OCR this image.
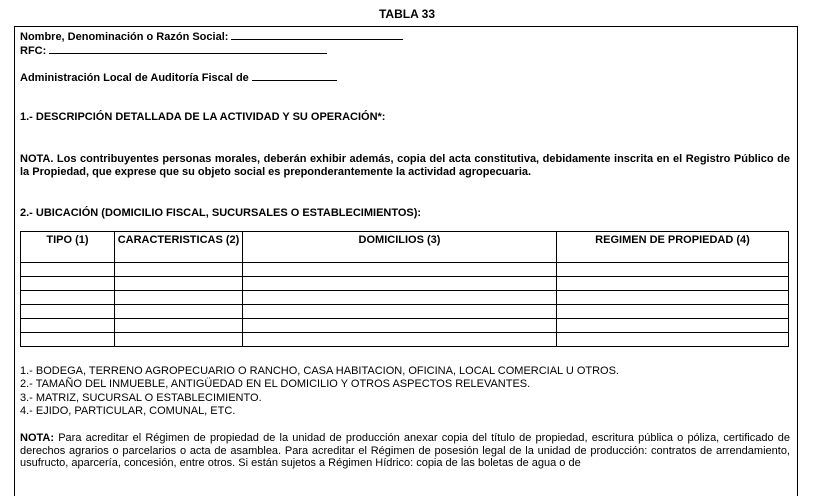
TABLA 33
Nombre, Denominación o Razón Social:
RFC:
Administración Local de Auditoría Fiscal de
1.- DESCRIPCIÓN DETALLADA DE LA ACTIVIDAD Y SU OPERACIÓN*:
NOTA. Los contribuyentes personas morales, deberán exhibir además, copia del acta constitutiva, debidamente inscrita en el Registro Público de la Propiedad, que exprese que su objeto social es preponderantemente la actividad agropecuaria.
2.- UBICACIÓN (DOMICILIO FISCAL, SUCURSALES O ESTABLECIMIENTOS):
TIPO (1)	CARACTERISTICAS (2)	DOMICILIOS (3)	REGIMEN DE PROPIEDAD (4)

1.- BODEGA, TERRENO AGROPECUARIO O RANCHO, CASA HABITACION, OFICINA, LOCAL COMERCIAL U OTROS.
2.- TAMAÑO DEL INMUEBLE, ANTIGÜEDAD EN EL DOMICILIO Y OTROS ASPECTOS RELEVANTES.
3.- MATRIZ, SUCURSAL O ESTABLECIMIENTO.
4.- EJIDO, PARTICULAR, COMUNAL, ETC.
NOTA: Para acreditar el Régimen de propiedad de la unidad de producción anexar copia del título de propiedad, escritura pública o póliza, certificado de derechos agrarios o parcelarios o acta de asamblea. Para acreditar el Régimen de posesión legal de la unidad de producción: contratos de arrendamiento, usufructo, aparcería, concesión, entre otros. Si están sujetos a Régimen Hídrico: copia de las boletas de agua o de
